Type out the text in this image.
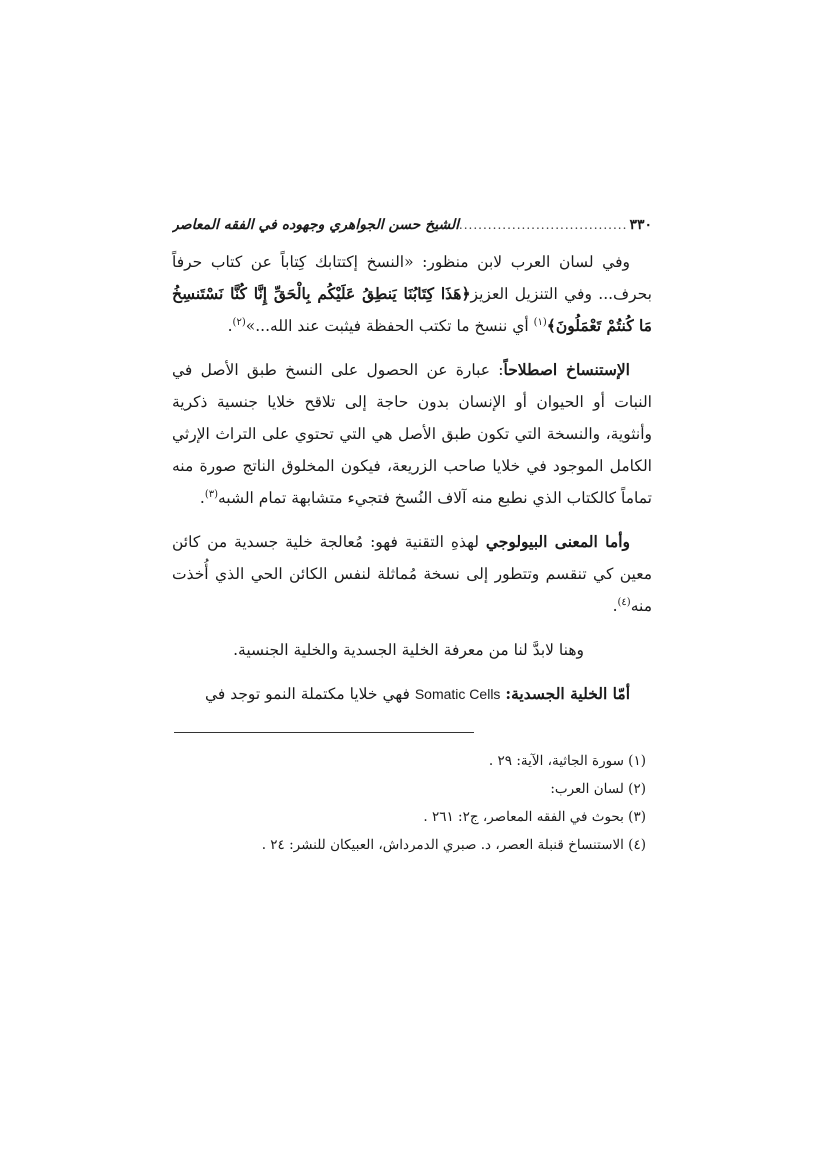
٣٣٠
...................................
الشيخ حسن الجواهري وجهوده في الفقه المعاصر

وفي لسان العرب لابن منظور: «النسخ إكتتابك كِتاباً عن كتاب حرفاً بحرف... وفي التنزيل العزيز﴿هَذَا كِتَابُنَا يَنطِقُ عَلَيْكُم بِالْحَقِّ إِنَّا كُنَّا نَسْتَنسِخُ مَا كُنتُمْ تَعْمَلُونَ﴾$^{(١)}$ أي ننسخ ما تكتب الحفظة فيثبت عند الله...»$^{(٢)}$.

الإستنساخ اصطلاحاً: عبارة عن الحصول على النسخ طبق الأصل في النبات أو الحيوان أو الإنسان بدون حاجة إلى تلاقح خلايا جنسية ذكرية وأنثوية، والنسخة التي تكون طبق الأصل هي التي تحتوي على التراث الإرثي الكامل الموجود في خلايا صاحب الزريعة، فيكون المخلوق الناتج صورة منه تماماً كالكتاب الذي نطبع منه آلاف النُسخ فتجيء متشابهة تمام الشبه$^{(٣)}$.

وأما المعنى البيولوجي لهذهِ التقنية فهو: مُعالجة خلية جسدية من كائن معين كي تنقسم وتتطور إلى نسخة مُماثلة لنفس الكائن الحي الذي أُخذت منه$^{(٤)}$.

وهنا لابدَّ لنا من معرفة الخلية الجسدية والخلية الجنسية.

أمّا الخلية الجسدية: Somatic Cells فهي خلايا مكتملة النمو توجد في

(١) سورة الجاثية، الآية: ٢٩ .
(٢) لسان العرب:
(٣) بحوث في الفقه المعاصر، ج٢: ٢٦١ .
(٤) الاستنساخ قنبلة العصر، د. صبري الدمرداش، العبيكان للنشر: ٢٤ .
